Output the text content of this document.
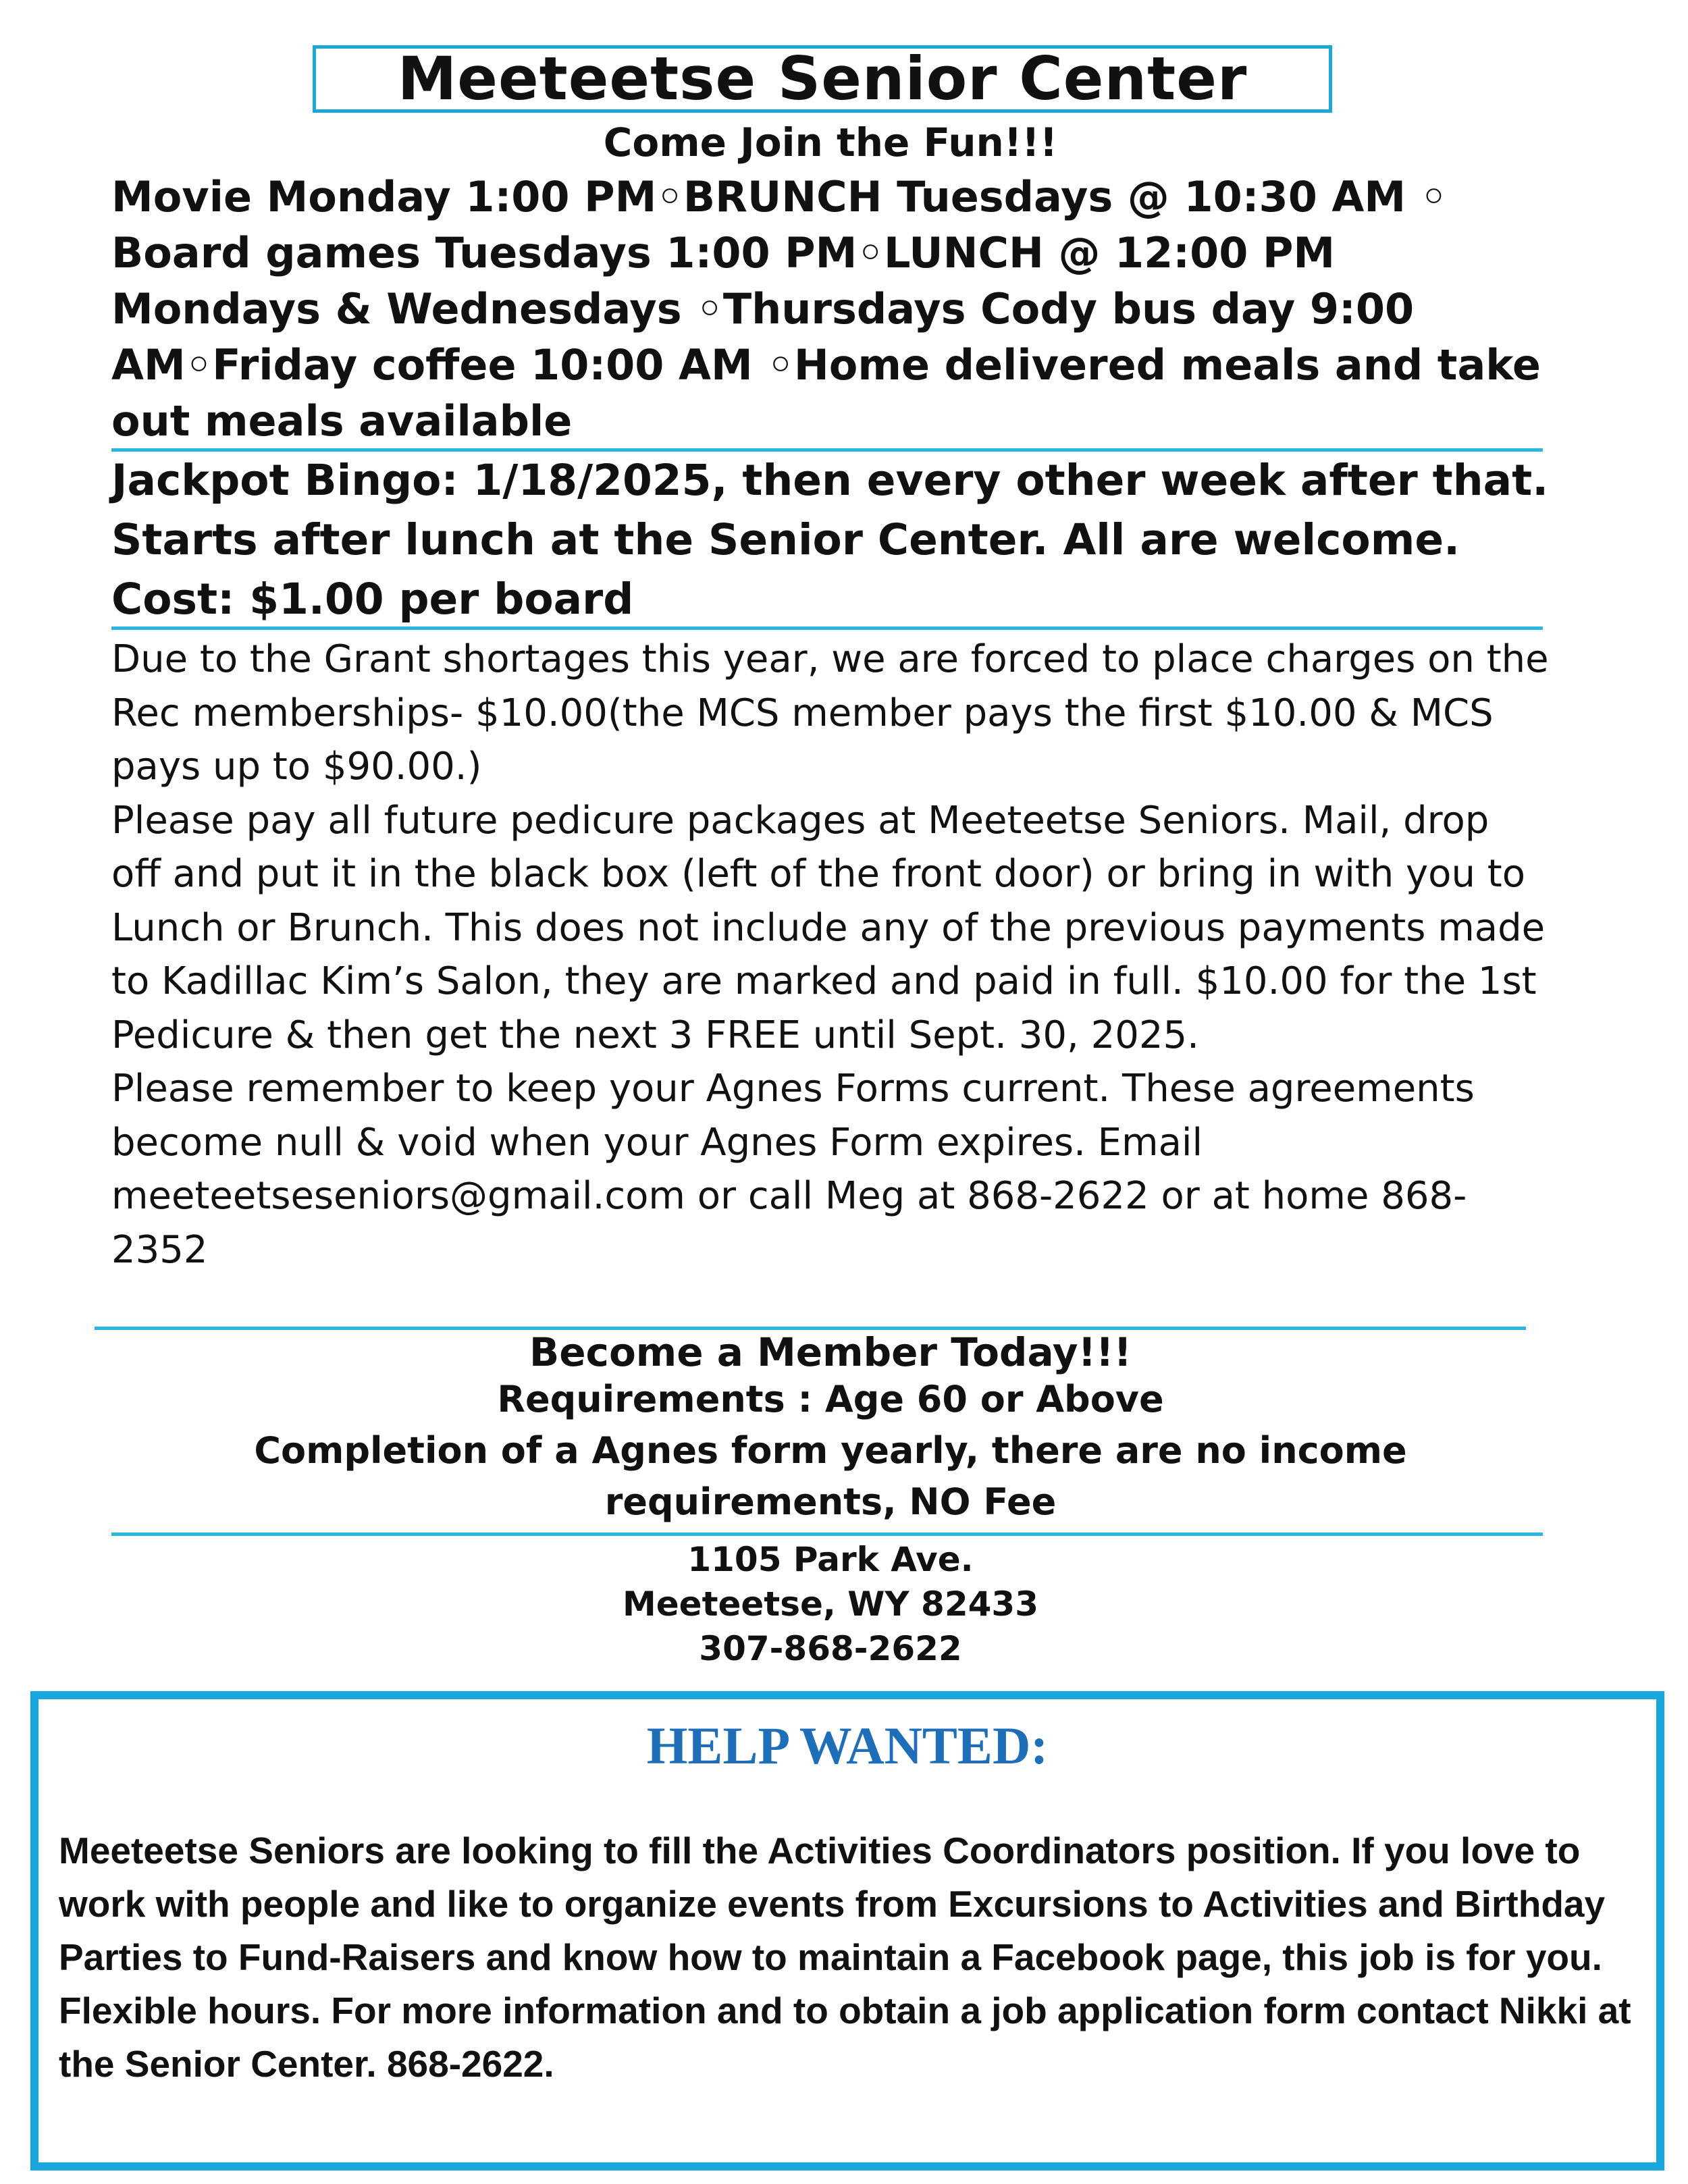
Meeteetse Senior Center
Come Join the Fun!!!
Movie Monday 1:00 PM◦BRUNCH Tuesdays @ 10:30 AM ◦ Board games Tuesdays 1:00 PM◦LUNCH @ 12:00 PM Mondays & Wednesdays ◦Thursdays Cody bus day 9:00 AM◦Friday coffee 10:00 AM ◦Home delivered meals and take out meals available
Jackpot Bingo: 1/18/2025, then every other week after that. Starts after lunch at the Senior Center. All are welcome. Cost: $1.00 per board

Due to the Grant shortages this year, we are forced to place charges on the Rec memberships- $10.00(the MCS member pays the first $10.00 & MCS pays up to $90.00.)

Please pay all future pedicure packages at Meeteetse Seniors. Mail, drop off and put it in the black box (left of the front door) or bring in with you to Lunch or Brunch. This does not include any of the previous payments made to Kadillac Kim’s Salon, they are marked and paid in full. $10.00 for the 1st Pedicure & then get the next 3 FREE until Sept. 30, 2025.

Please remember to keep your Agnes Forms current. These agreements become null & void when your Agnes Form expires. Email meeteetseseniors@gmail.com or call Meg at 868-2622 or at home 868-2352

Become a Member Today!!!

Requirements : Age 60 or Above

Completion of a Agnes form yearly, there are no income requirements, NO Fee

1105 Park Ave.

Meeteetse, WY 82433

307-868-2622

HELP WANTED:
Meeteetse Seniors are looking to fill the Activities Coordinators position. If you love to work with people and like to organize events from Excursions to Activities and Birthday Parties to Fund-Raisers and know how to maintain a Facebook page, this job is for you. Flexible hours. For more information and to obtain a job application form contact Nikki at the Senior Center. 868-2622.
